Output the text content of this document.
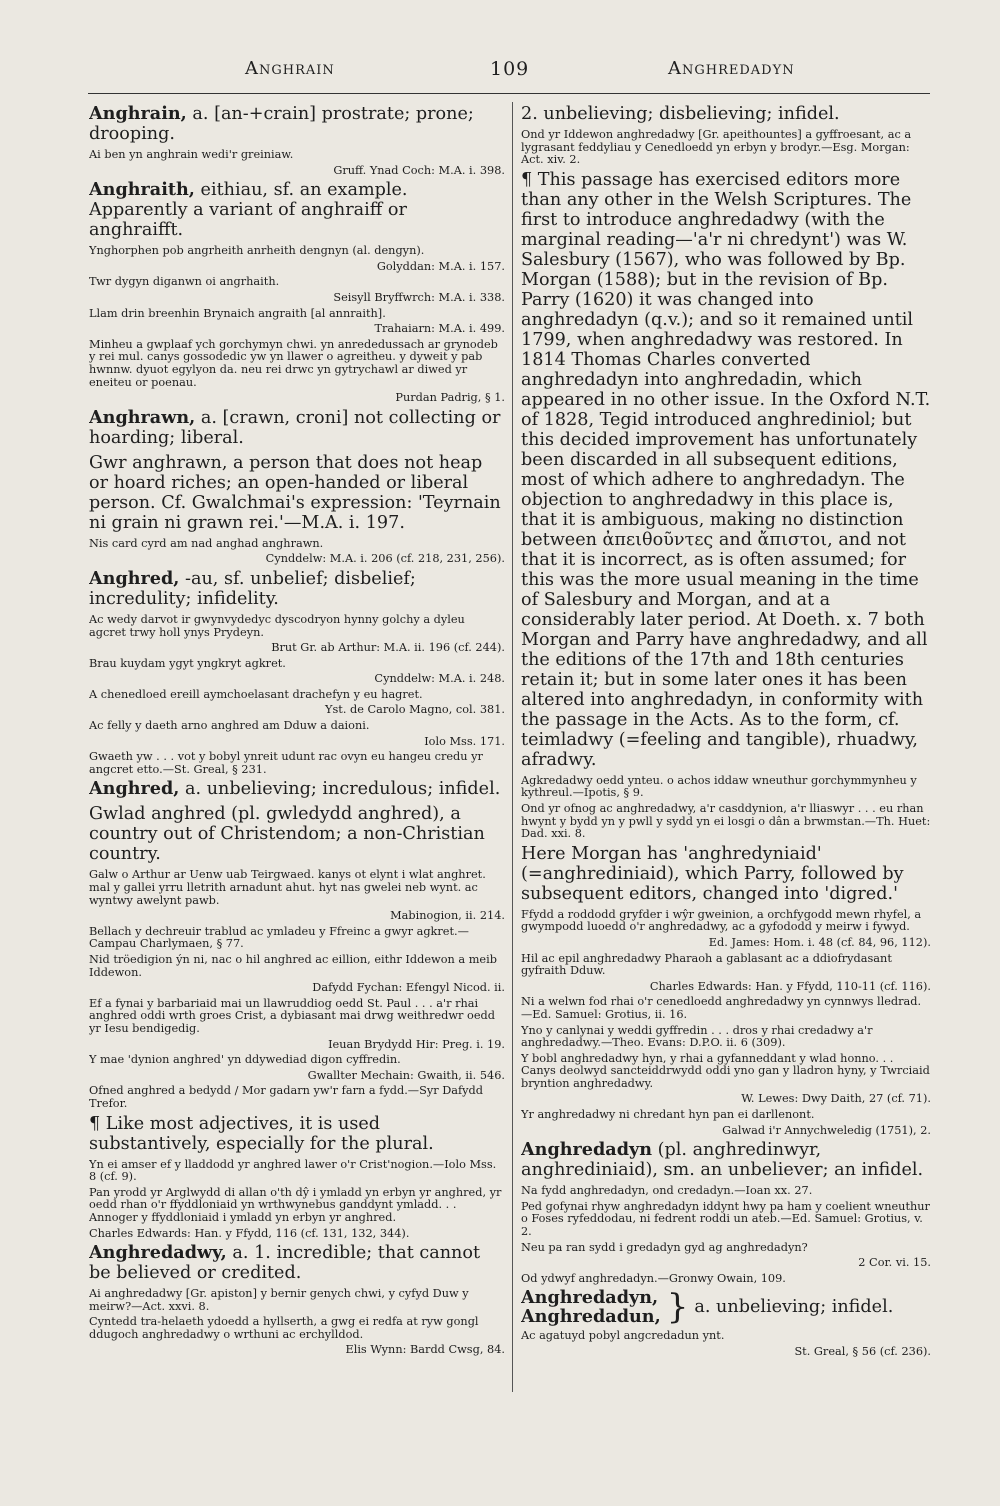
Anghrain	109	Anghredadyn
Anghrain, a. [an-+crain] prostrate; prone; drooping.
Ai ben yn anghrain wedi'r greiniaw.
Gruff. Ynad Coch: M.A. i. 398.
Anghraith, eithiau, sf. an example. Apparently a variant of anghraiff or anghraifft.
Ynghorphen pob angrheith anrheith dengnyn (al. dengyn).
Golyddan: M.A. i. 157.
Twr dygyn diganwn oi angrhaith.
Seisyll Bryffwrch: M.A. i. 338.
Llam drin breenhin Brynaich angraith [al annraith].
Trahaiarn: M.A. i. 499.
Minheu a gwplaaf ych gorchymyn chwi. yn anrededussach ar grynodeb y rei mul. canys gossodedic yw yn llawer o agreitheu. y dyweit y pab hwnnw. dyuot egylyon da. neu rei drwc yn gytrychawl ar diwed yr eneiteu or poenau.
Purdan Padrig, § 1.
Anghrawn, a. [crawn, croni] not collecting or hoarding; liberal.
Gwr anghrawn, a person that does not heap or hoard riches; an open-handed or liberal person. Cf. Gwalchmai's expression: 'Teyrnain ni grain ni grawn rei.'—M.A. i. 197.
Nis card cyrd am nad anghad anghrawn.
Cynddelw: M.A. i. 206 (cf. 218, 231, 256).
Anghred, -au, sf. unbelief; disbelief; incredulity; infidelity.
Ac wedy darvot ir gwynvydedyc dyscodryon hynny golchy a dyleu agcret trwy holl ynys Prydeyn.
Brut Gr. ab Arthur: M.A. ii. 196 (cf. 244).
Brau kuydam ygyt yngkryt agkret.
Cynddelw: M.A. i. 248.
A chenedloed ereill aymchoelasant drachefyn y eu hagret.
Yst. de Carolo Magno, col. 381.
Ac felly y daeth arno anghred am Dduw a daioni.
Iolo Mss. 171.
Gwaeth yw . . . vot y bobyl ynreit udunt rac ovyn eu hangeu credu yr angcret etto.—St. Greal, § 231.
Anghred, a. unbelieving; incredulous; infidel.
Gwlad anghred (pl. gwledydd anghred), a country out of Christendom; a non-Christian country.
Galw o Arthur ar Uenw uab Teirgwaed. kanys ot elynt i wlat anghret. mal y gallei yrru lletrith arnadunt ahut. hyt nas gwelei neb wynt. ac wyntwy awelynt pawb.
Mabinogion, ii. 214.
Bellach y dechreuir trablud ac ymladeu y Ffreinc a gwyr agkret.—Campau Charlymaen, § 77.
Nid tröedigion ýn ni, nac o hil anghred ac eillion, eithr Iddewon a meib Iddewon.
Dafydd Fychan: Efengyl Nicod. ii.
Ef a fynai y barbariaid mai un llawruddiog oedd St. Paul . . . a'r rhai anghred oddi wrth groes Crist, a dybiasant mai drwg weithredwr oedd yr Iesu bendigedig.
Ieuan Brydydd Hir: Preg. i. 19.
Y mae 'dynion anghred' yn ddywediad digon cyffredin.
Gwallter Mechain: Gwaith, ii. 546.
Ofned anghred a bedydd / Mor gadarn yw'r farn a fydd.—Syr Dafydd Trefor.
¶ Like most adjectives, it is used substantively, especially for the plural.
Yn ei amser ef y lladdodd yr anghred lawer o'r Crist'nogion.—Iolo Mss. 8 (cf. 9).
Pan yrodd yr Arglwydd di allan o'th dŷ i ymladd yn erbyn yr anghred, yr oedd rhan o'r ffyddloniaid yn wrthwynebus ganddynt ymladd. . . Annoger y ffyddloniaid i ymladd yn erbyn yr anghred.
Charles Edwards: Han. y Ffydd, 116 (cf. 131, 132, 344).
Anghredadwy, a. 1. incredible; that cannot be believed or credited.
Ai anghredadwy [Gr. apiston] y bernir genych chwi, y cyfyd Duw y meirw?—Act. xxvi. 8.
Cyntedd tra-helaeth ydoedd a hyllserth, a gwg ei redfa at ryw gongl ddugoch anghredadwy o wrthuni ac erchylldod.
Elis Wynn: Bardd Cwsg, 84.
2. unbelieving; disbelieving; infidel.
Ond yr Iddewon anghredadwy [Gr. apeithountes] a gyffroesant, ac a lygrasant feddyliau y Cenedloedd yn erbyn y brodyr.—Esg. Morgan: Act. xiv. 2.
¶ This passage has exercised editors more than any other in the Welsh Scriptures. The first to introduce anghredadwy (with the marginal reading—'a'r ni chredynt') was W. Salesbury (1567), who was followed by Bp. Morgan (1588); but in the revision of Bp. Parry (1620) it was changed into anghredadyn (q.v.); and so it remained until 1799, when anghredadwy was restored. In 1814 Thomas Charles converted anghredadyn into anghredadin, which appeared in no other issue. In the Oxford N.T. of 1828, Tegid introduced anghrediniol; but this decided improvement has unfortunately been discarded in all subsequent editions, most of which adhere to anghredadyn. The objection to anghredadwy in this place is, that it is ambiguous, making no distinction between ἀπειθοῦντες and ἄπιστοι, and not that it is incorrect, as is often assumed; for this was the more usual meaning in the time of Salesbury and Morgan, and at a considerably later period. At Doeth. x. 7 both Morgan and Parry have anghredadwy, and all the editions of the 17th and 18th centuries retain it; but in some later ones it has been altered into anghredadyn, in conformity with the passage in the Acts. As to the form, cf. teimladwy (=feeling and tangible), rhuadwy, afradwy.
Agkredadwy oedd ynteu. o achos iddaw wneuthur gorchymmynheu y kythreul.—Ipotis, § 9.
Ond yr ofnog ac anghredadwy, a'r casddynion, a'r lliaswyr . . . eu rhan hwynt y bydd yn y pwll y sydd yn ei losgi o dân a brwmstan.—Th. Huet: Dad. xxi. 8.
Here Morgan has 'anghredyniaid' (=anghrediniaid), which Parry, followed by subsequent editors, changed into 'digred.'
Ffydd a roddodd gryfder i wŷr gweinion, a orchfygodd mewn rhyfel, a gwympodd luoedd o'r anghredadwy, ac a gyfododd y meirw i fywyd.
Ed. James: Hom. i. 48 (cf. 84, 96, 112).
Hil ac epil anghredadwy Pharaoh a gablasant ac a ddiofrydasant gyfraith Dduw.
Charles Edwards: Han. y Ffydd, 110-11 (cf. 116).
Ni a welwn fod rhai o'r cenedloedd anghredadwy yn cynnwys lledrad.—Ed. Samuel: Grotius, ii. 16.
Yno y canlynai y weddi gyffredin . . . dros y rhai credadwy a'r anghredadwy.—Theo. Evans: D.P.O. ii. 6 (309).
Y bobl anghredadwy hyn, y rhai a gyfanneddant y wlad honno. . . Canys deolwyd sancteiddrwydd oddi yno gan y lladron hyny, y Twrciaid bryntion anghredadwy.
W. Lewes: Dwy Daith, 27 (cf. 71).
Yr anghredadwy ni chredant hyn pan ei darllenont.
Galwad i'r Annychweledig (1751), 2.
Anghredadyn (pl. anghredinwyr, anghrediniaid), sm. an unbeliever; an infidel.
Na fydd anghredadyn, ond credadyn.—Ioan xx. 27.
Ped gofynai rhyw anghredadyn iddynt hwy pa ham y coelient wneuthur o Foses ryfeddodau, ni fedrent roddi un ateb.—Ed. Samuel: Grotius, v. 2.
Neu pa ran sydd i gredadyn gyd ag anghredadyn?
2 Cor. vi. 15.
Od ydwyf anghredadyn.—Gronwy Owain, 109.
Anghredadyn,
Anghredadun, } a. unbelieving; infidel.
Ac agatuyd pobyl angcredadun ynt.
St. Greal, § 56 (cf. 236).
